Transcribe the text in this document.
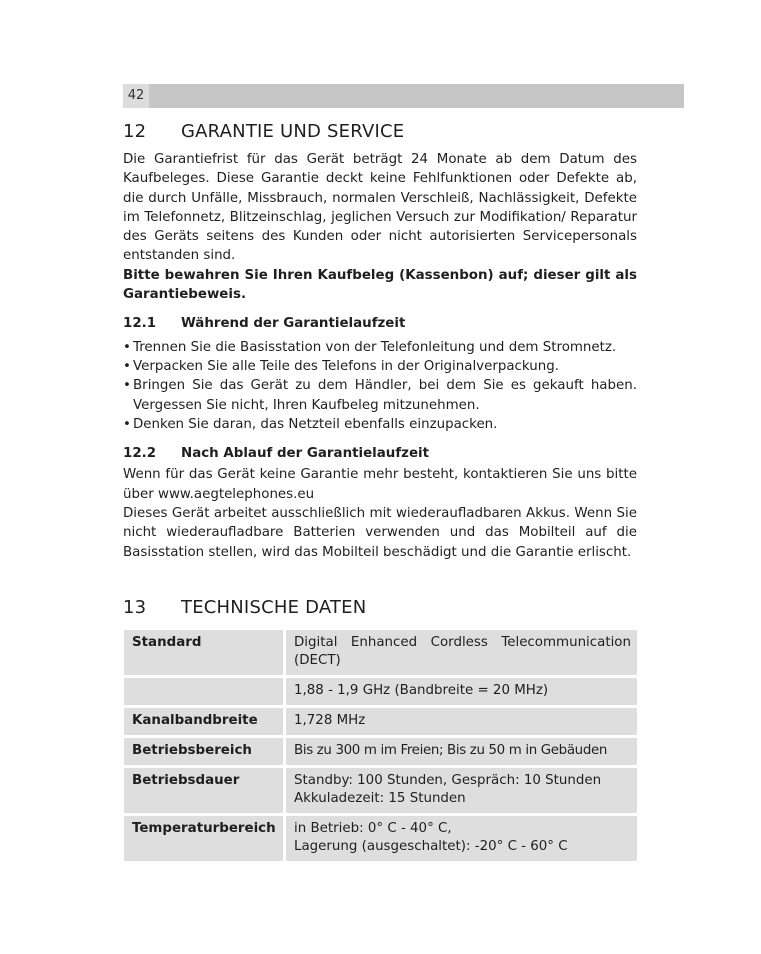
42
12	GARANTIE UND SERVICE

Die Garantiefrist für das Gerät beträgt 24 Monate ab dem Datum des Kaufbeleges. Diese Garantie deckt keine Fehlfunktionen oder Defekte ab, die durch Unfälle, Missbrauch, normalen Verschleiß, Nachlässigkeit, Defekte im Telefonnetz, Blitzeinschlag, jeglichen Versuch zur Modifikation/ Reparatur des Geräts seitens des Kunden oder nicht autorisierten Servicepersonals entstanden sind.

Bitte bewahren Sie Ihren Kaufbeleg (Kassenbon) auf; dieser gilt als Garantiebeweis.

12.1	Während der Garantielaufzeit
• Trennen Sie die Basisstation von der Telefonleitung und dem Stromnetz.
• Verpacken Sie alle Teile des Telefons in der Originalverpackung.
• Bringen Sie das Gerät zu dem Händler, bei dem Sie es gekauft haben. Vergessen Sie nicht, Ihren Kaufbeleg mitzunehmen.
• Denken Sie daran, das Netzteil ebenfalls einzupacken.
12.2	Nach Ablauf der Garantielaufzeit

Wenn für das Gerät keine Garantie mehr besteht, kontaktieren Sie uns bitte über www.aegtelephones.eu

Dieses Gerät arbeitet ausschließlich mit wiederaufladbaren Akkus. Wenn Sie nicht wiederaufladbare Batterien verwenden und das Mobilteil auf die Basisstation stellen, wird das Mobilteil beschädigt und die Garantie erlischt.

13	TECHNISCHE DATEN
Standard	Digital Enhanced Cordless Telecommunication (DECT)
	1,88 - 1,9 GHz (Bandbreite = 20 MHz)
Kanalbandbreite	1,728 MHz
Betriebsbereich	Bis zu 300 m im Freien; Bis zu 50 m in Gebäuden
Betriebsdauer	Standby: 100 Stunden, Gespräch: 10 Stunden
Akkuladezeit: 15 Stunden

Temperaturbereich	in Betrieb: 0° C - 40° C,
Lagerung (ausgeschaltet): -20° C - 60° C
